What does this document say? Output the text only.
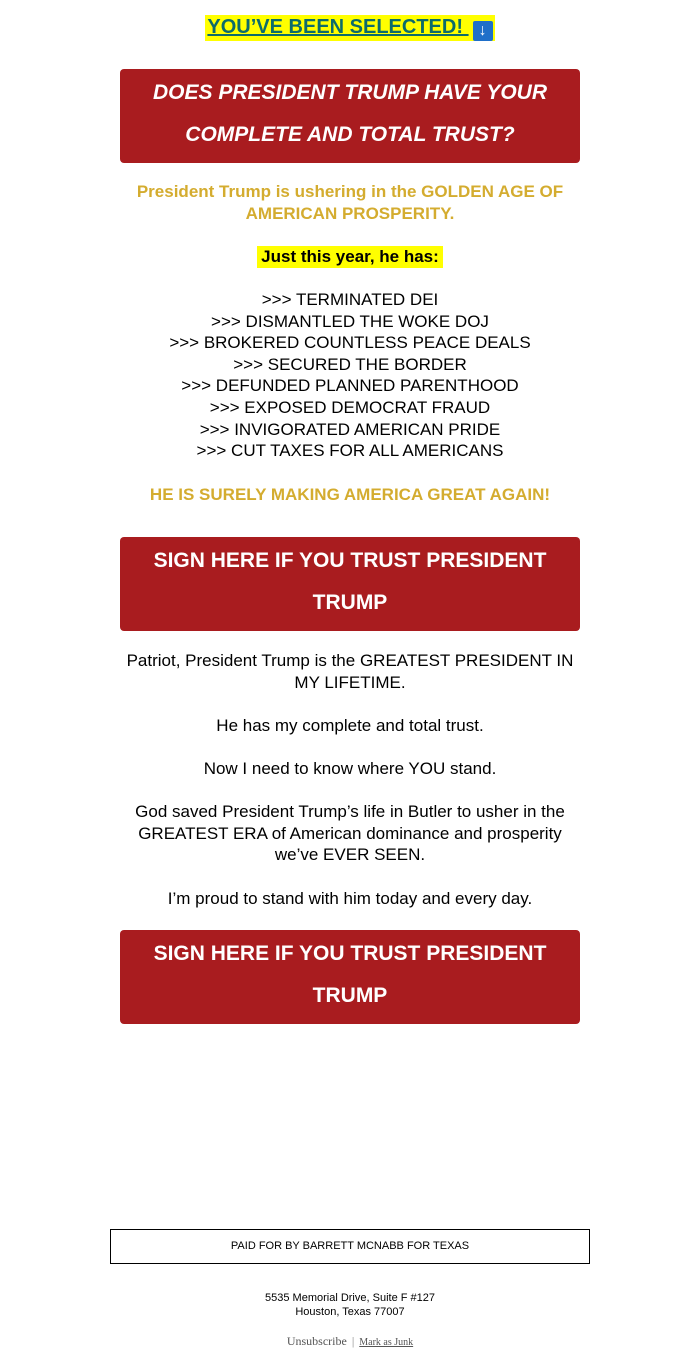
YOU’VE BEEN SELECTED! ↓
DOES PRESIDENT TRUMP HAVE YOUR
COMPLETE AND TOTAL TRUST?
President Trump is ushering in the GOLDEN AGE OF AMERICAN PROSPERITY.
Just this year, he has:
>>> TERMINATED DEI
>>> DISMANTLED THE WOKE DOJ
>>> BROKERED COUNTLESS PEACE DEALS
>>> SECURED THE BORDER
>>> DEFUNDED PLANNED PARENTHOOD
>>> EXPOSED DEMOCRAT FRAUD
>>> INVIGORATED AMERICAN PRIDE
>>> CUT TAXES FOR ALL AMERICANS
HE IS SURELY MAKING AMERICA GREAT AGAIN!
SIGN HERE IF YOU TRUST PRESIDENT
TRUMP

Patriot, President Trump is the GREATEST PRESIDENT IN MY LIFETIME.

He has my complete and total trust.

Now I need to know where YOU stand.

God saved President Trump’s life in Butler to usher in the GREATEST ERA of American dominance and prosperity we’ve EVER SEEN.

I’m proud to stand with him today and every day.

SIGN HERE IF YOU TRUST PRESIDENT
TRUMP
PAID FOR BY BARRETT MCNABB FOR TEXAS
5535 Memorial Drive, Suite F #127
Houston, Texas 77007
Unsubscribe | Mark as Junk
